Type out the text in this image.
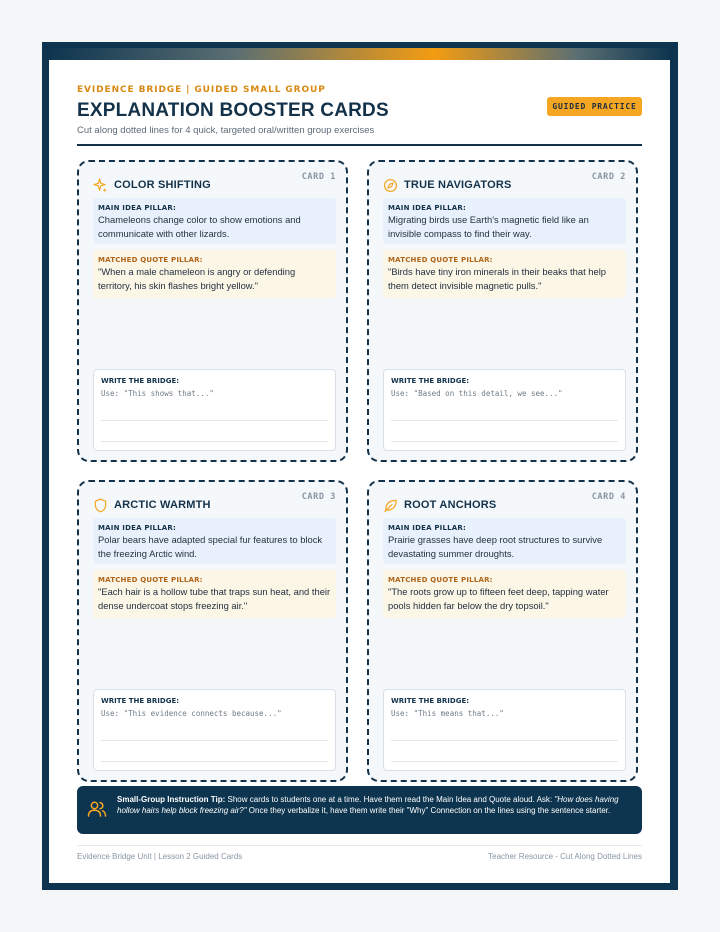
EVIDENCE BRIDGE | GUIDED SMALL GROUP
EXPLANATION BOOSTER CARDS
Cut along dotted lines for 4 quick, targeted oral/written group exercises
GUIDED PRACTICE
CARD 1
COLOR SHIFTING
MAIN IDEA PILLAR:
Chameleons change color to show emotions and communicate with other lizards.
MATCHED QUOTE PILLAR:
"When a male chameleon is angry or defending territory, his skin flashes bright yellow."
WRITE THE BRIDGE:
Use: "This shows that..."
CARD 2
TRUE NAVIGATORS
MAIN IDEA PILLAR:
Migrating birds use Earth's magnetic field like an invisible compass to find their way.
MATCHED QUOTE PILLAR:
"Birds have tiny iron minerals in their beaks that help them detect invisible magnetic pulls."
WRITE THE BRIDGE:
Use: "Based on this detail, we see..."
CARD 3
ARCTIC WARMTH
MAIN IDEA PILLAR:
Polar bears have adapted special fur features to block the freezing Arctic wind.
MATCHED QUOTE PILLAR:
"Each hair is a hollow tube that traps sun heat, and their dense undercoat stops freezing air."
WRITE THE BRIDGE:
Use: "This evidence connects because..."
CARD 4
ROOT ANCHORS
MAIN IDEA PILLAR:
Prairie grasses have deep root structures to survive devastating summer droughts.
MATCHED QUOTE PILLAR:
"The roots grow up to fifteen feet deep, tapping water pools hidden far below the dry topsoil."
WRITE THE BRIDGE:
Use: "This means that..."
Small-Group Instruction Tip: Show cards to students one at a time. Have them read the Main Idea and Quote aloud. Ask: "How does having hollow hairs help block freezing air?" Once they verbalize it, have them write their "Why" Connection on the lines using the sentence starter.
Evidence Bridge Unit | Lesson 2 Guided Cards	Teacher Resource - Cut Along Dotted Lines
